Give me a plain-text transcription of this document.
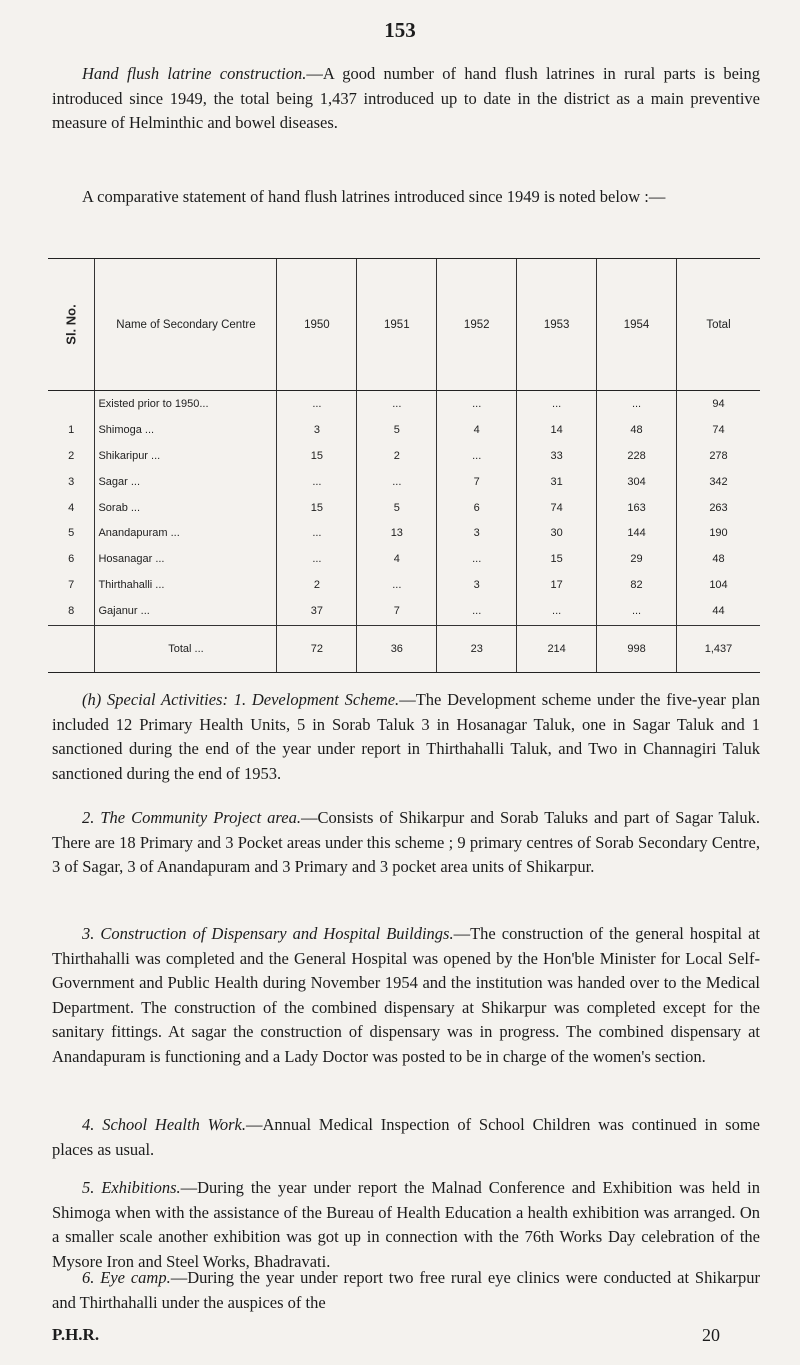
153

Hand flush latrine construction.—A good number of hand flush latrines in rural parts is being introduced since 1949, the total being 1,437 introduced up to date in the district as a main preventive measure of Helminthic and bowel diseases.

A comparative statement of hand flush latrines introduced since 1949 is noted below :—

Sl. No.	Name of Secondary Centre	1950	1951	1952	1953	1954	Total
	Existed prior to 1950...	...	...	...	...	...	94
1	Shimoga ...	3	5	4	14	48	74
2	Shikaripur ...	15	2	...	33	228	278
3	Sagar ...	...	...	7	31	304	342
4	Sorab ...	15	5	6	74	163	263
5	Anandapuram ...	...	13	3	30	144	190
6	Hosanagar ...	...	4	...	15	29	48
7	Thirthahalli ...	2	...	3	17	82	104
8	Gajanur ...	37	7	...	...	...	44
	Total ...	72	36	23	214	998	1,437

(h) Special Activities: 1. Development Scheme.—The Development scheme under the five-year plan included 12 Primary Health Units, 5 in Sorab Taluk 3 in Hosanagar Taluk, one in Sagar Taluk and 1 sanctioned during the end of the year under report in Thirthahalli Taluk, and Two in Channagiri Taluk sanctioned during the end of 1953.

2. The Community Project area.—Consists of Shikarpur and Sorab Taluks and part of Sagar Taluk. There are 18 Primary and 3 Pocket areas under this scheme ; 9 primary centres of Sorab Secondary Centre, 3 of Sagar, 3 of Anandapuram and 3 Primary and 3 pocket area units of Shikarpur.

3. Construction of Dispensary and Hospital Buildings.—The construction of the general hospital at Thirthahalli was completed and the General Hospital was opened by the Hon'ble Minister for Local Self-Government and Public Health during November 1954 and the institution was handed over to the Medical Department. The construction of the combined dispensary at Shikarpur was completed except for the sanitary fittings. At sagar the construction of dispensary was in progress. The combined dispensary at Anandapuram is functioning and a Lady Doctor was posted to be in charge of the women's section.

4. School Health Work.—Annual Medical Inspection of School Children was continued in some places as usual.

5. Exhibitions.—During the year under report the Malnad Conference and Exhibition was held in Shimoga when with the assistance of the Bureau of Health Education a health exhibition was arranged. On a smaller scale another exhibition was got up in connection with the 76th Works Day celebration of the Mysore Iron and Steel Works, Bhadravati.

6. Eye camp.—During the year under report two free rural eye clinics were conducted at Shikarpur and Thirthahalli under the auspices of the

P.H.R.	20
